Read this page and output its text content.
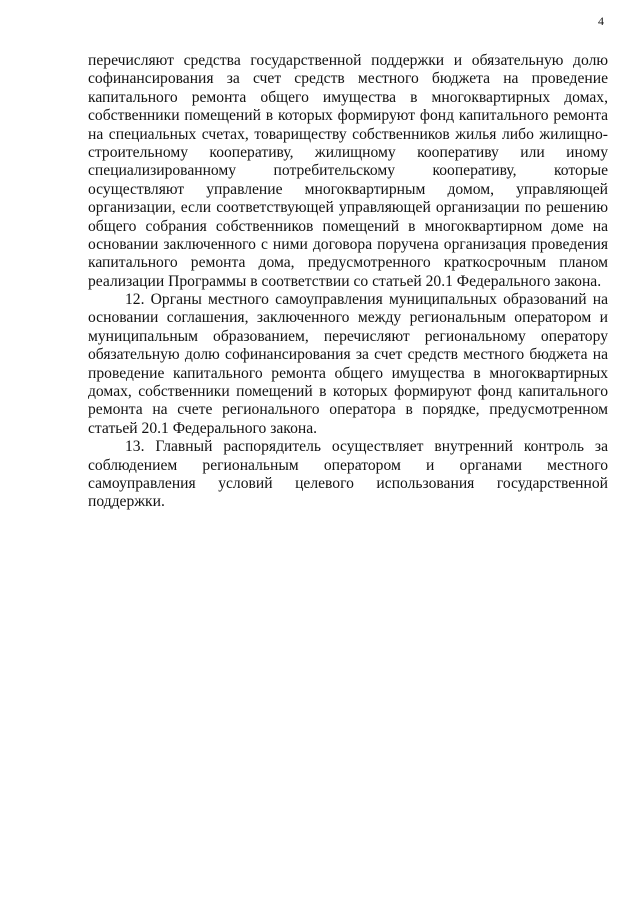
4
перечисляют средства государственной поддержки и обязательную долю
софинансирования за счет средств местного бюджета на проведение
капитального ремонта общего имущества в многоквартирных домах,
собственники помещений в которых формируют фонд капитального ремонта
на специальных счетах, товариществу собственников жилья либо жилищно-
строительному кооперативу, жилищному кооперативу или иному
специализированному потребительскому кооперативу, которые
осуществляют управление многоквартирным домом, управляющей
организации, если соответствующей управляющей организации по решению
общего собрания собственников помещений в многоквартирном доме на
основании заключенного с ними договора поручена организация проведения
капитального ремонта дома, предусмотренного краткосрочным планом
реализации Программы в соответствии со статьей 20.1 Федерального закона.
12. Органы местного самоуправления муниципальных образований на
основании соглашения, заключенного между региональным оператором и
муниципальным образованием, перечисляют региональному оператору
обязательную долю софинансирования за счет средств местного бюджета на
проведение капитального ремонта общего имущества в многоквартирных
домах, собственники помещений в которых формируют фонд капитального
ремонта на счете регионального оператора в порядке, предусмотренном
статьей 20.1 Федерального закона.
13. Главный распорядитель осуществляет внутренний контроль за
соблюдением региональным оператором и органами местного
самоуправления условий целевого использования государственной
поддержки.
